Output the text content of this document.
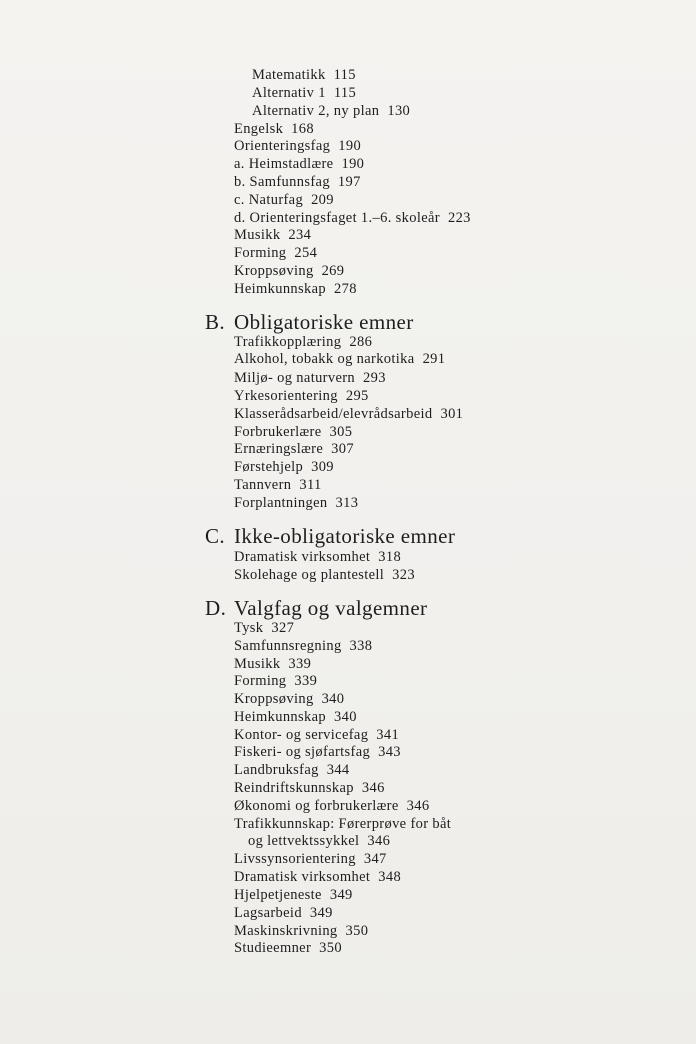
Matematikk 115
Alternativ 1 115
Alternativ 2, ny plan 130
Engelsk 168
Orienteringsfag 190
a. Heimstadlære 190
b. Samfunnsfag 197
c. Naturfag 209
d. Orienteringsfaget 1.–6. skoleår 223
Musikk 234
Forming 254
Kroppsøving 269
Heimkunnskap 278
B. Obligatoriske emner
Trafikkopplæring 286
Alkohol, tobakk og narkotika 291
Miljø- og naturvern 293
Yrkesorientering 295
Klasserådsarbeid/elevrådsarbeid 301
Forbrukerlære 305
Ernæringslære 307
Førstehjelp 309
Tannvern 311
Forplantningen 313
C. Ikke-obligatoriske emner
Dramatisk virksomhet 318
Skolehage og plantestell 323
D. Valgfag og valgemner
Tysk 327
Samfunnsregning 338
Musikk 339
Forming 339
Kroppsøving 340
Heimkunnskap 340
Kontor- og servicefag 341
Fiskeri- og sjøfartsfag 343
Landbruksfag 344
Reindriftskunnskap 346
Økonomi og forbrukerlære 346
Trafikkunnskap: Førerprøve for båt
og lettvektssykkel 346
Livssynsorientering 347
Dramatisk virksomhet 348
Hjelpetjeneste 349
Lagsarbeid 349
Maskinskrivning 350
Studieemner 350
